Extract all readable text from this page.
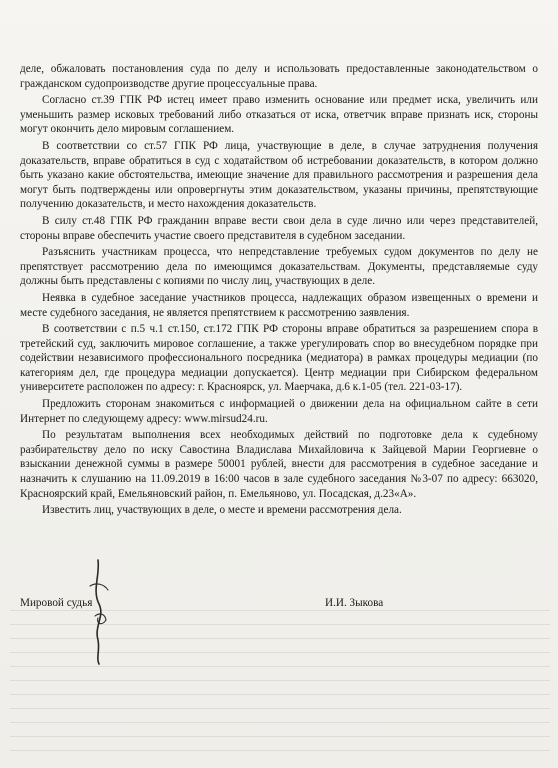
деле, обжаловать постановления суда по делу и использовать предоставленные законодательством о гражданском судопроизводстве другие процессуальные права.

Согласно ст.39 ГПК РФ истец имеет право изменить основание или предмет иска, увеличить или уменьшить размер исковых требований либо отказаться от иска, ответчик вправе признать иск, стороны могут окончить дело мировым соглашением.

В соответствии со ст.57 ГПК РФ лица, участвующие в деле, в случае затруднения получения доказательств, вправе обратиться в суд с ходатайством об истребовании доказательств, в котором должно быть указано какие обстоятельства, имеющие значение для правильного рассмотрения и разрешения дела могут быть подтверждены или опровергнуты этим доказательством, указаны причины, препятствующие получению доказательств, и место нахождения доказательств.

В силу ст.48 ГПК РФ гражданин вправе вести свои дела в суде лично или через представителей, стороны вправе обеспечить участие своего представителя в судебном заседании.

Разъяснить участникам процесса, что непредставление требуемых судом документов по делу не препятствует рассмотрению дела по имеющимся доказательствам. Документы, представляемые суду должны быть представлены с копиями по числу лиц, участвующих в деле.

Неявка в судебное заседание участников процесса, надлежащих образом извещенных о времени и месте судебного заседания, не является препятствием к рассмотрению заявления.

В соответствии с п.5 ч.1 ст.150, ст.172 ГПК РФ стороны вправе обратиться за разрешением спора в третейский суд, заключить мировое соглашение, а также урегулировать спор во внесудебном порядке при содействии независимого профессионального посредника (медиатора) в рамках процедуры медиации (по категориям дел, где процедура медиации допускается). Центр медиации при Сибирском федеральном университете расположен по адресу: г. Красноярск, ул. Маерчака, д.6 к.1-05 (тел. 221-03-17).

Предложить сторонам знакомиться с информацией о движении дела на официальном сайте в сети Интернет по следующему адресу: www.mirsud24.ru.

По результатам выполнения всех необходимых действий по подготовке дела к судебному разбирательству дело по иску Савостина Владислава Михайловича к Зайцевой Марии Георгиевне о взыскании денежной суммы в размере 50001 рублей, внести для рассмотрения в судебное заседание и назначить к слушанию на 11.09.2019 в 16:00 часов в зале судебного заседания №3-07 по адресу: 663020, Красноярский край, Емельяновский район, п. Емельяново, ул. Посадская, д.23«А».

Известить лиц, участвующих в деле, о месте и времени рассмотрения дела.

Мировой судья	И.И. Зыкова
